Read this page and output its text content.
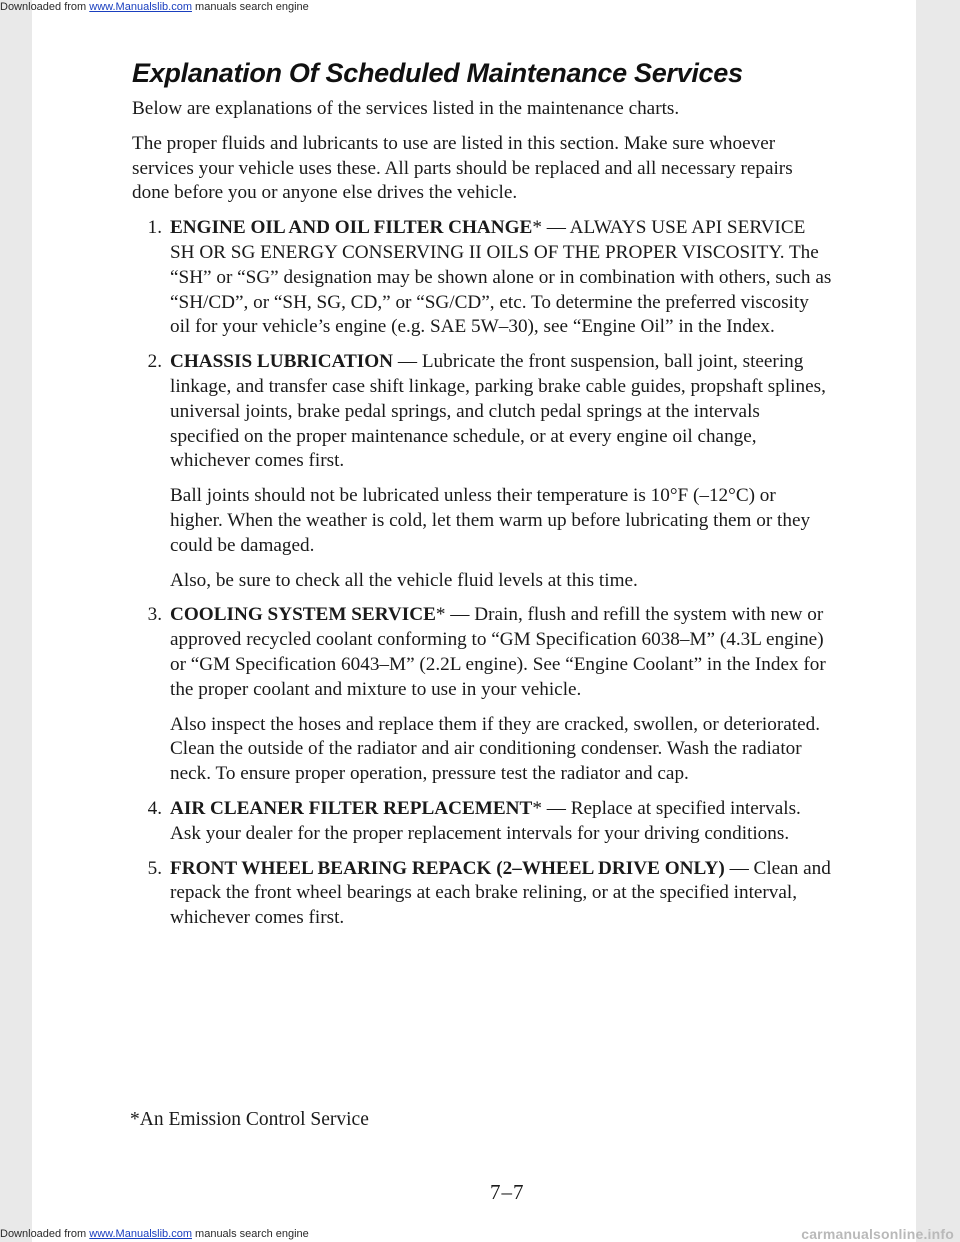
Downloaded from www.Manualslib.com manuals search engine
Explanation Of Scheduled Maintenance Services

Below are explanations of the services listed in the maintenance charts.

The proper fluids and lubricants to use are listed in this section. Make sure whoever services your vehicle uses these. All parts should be replaced and all necessary repairs done before you or anyone else drives the vehicle.

1. ENGINE OIL AND OIL FILTER CHANGE* — ALWAYS USE API SERVICE SH OR SG ENERGY CONSERVING II OILS OF THE PROPER VISCOSITY. The “SH” or “SG” designation may be shown alone or in combination with others, such as “SH/CD”, or “SH, SG, CD,” or “SG/CD”, etc. To determine the preferred viscosity oil for your vehicle’s engine (e.g. SAE 5W–30), see “Engine Oil” in the Index.

2. CHASSIS LUBRICATION — Lubricate the front suspension, ball joint, steering linkage, and transfer case shift linkage, parking brake cable guides, propshaft splines, universal joints, brake pedal springs, and clutch pedal springs at the intervals specified on the proper maintenance schedule, or at every engine oil change, whichever comes first.

Ball joints should not be lubricated unless their temperature is 10°F (–12°C) or higher. When the weather is cold, let them warm up before lubricating them or they could be damaged.

Also, be sure to check all the vehicle fluid levels at this time.

3. COOLING SYSTEM SERVICE* — Drain, flush and refill the system with new or approved recycled coolant conforming to “GM Specification 6038–M” (4.3L engine) or “GM Specification 6043–M” (2.2L engine). See “Engine Coolant” in the Index for the proper coolant and mixture to use in your vehicle.

Also inspect the hoses and replace them if they are cracked, swollen, or deteriorated. Clean the outside of the radiator and air conditioning condenser. Wash the radiator neck. To ensure proper operation, pressure test the radiator and cap.

4. AIR CLEANER FILTER REPLACEMENT* — Replace at specified intervals. Ask your dealer for the proper replacement intervals for your driving conditions.

5. FRONT WHEEL BEARING REPACK (2–WHEEL DRIVE ONLY) — Clean and repack the front wheel bearings at each brake relining, or at the specified interval, whichever comes first.

*An Emission Control Service

7–7

Downloaded from www.Manualslib.com manuals search engine	carmanualsonline.info
